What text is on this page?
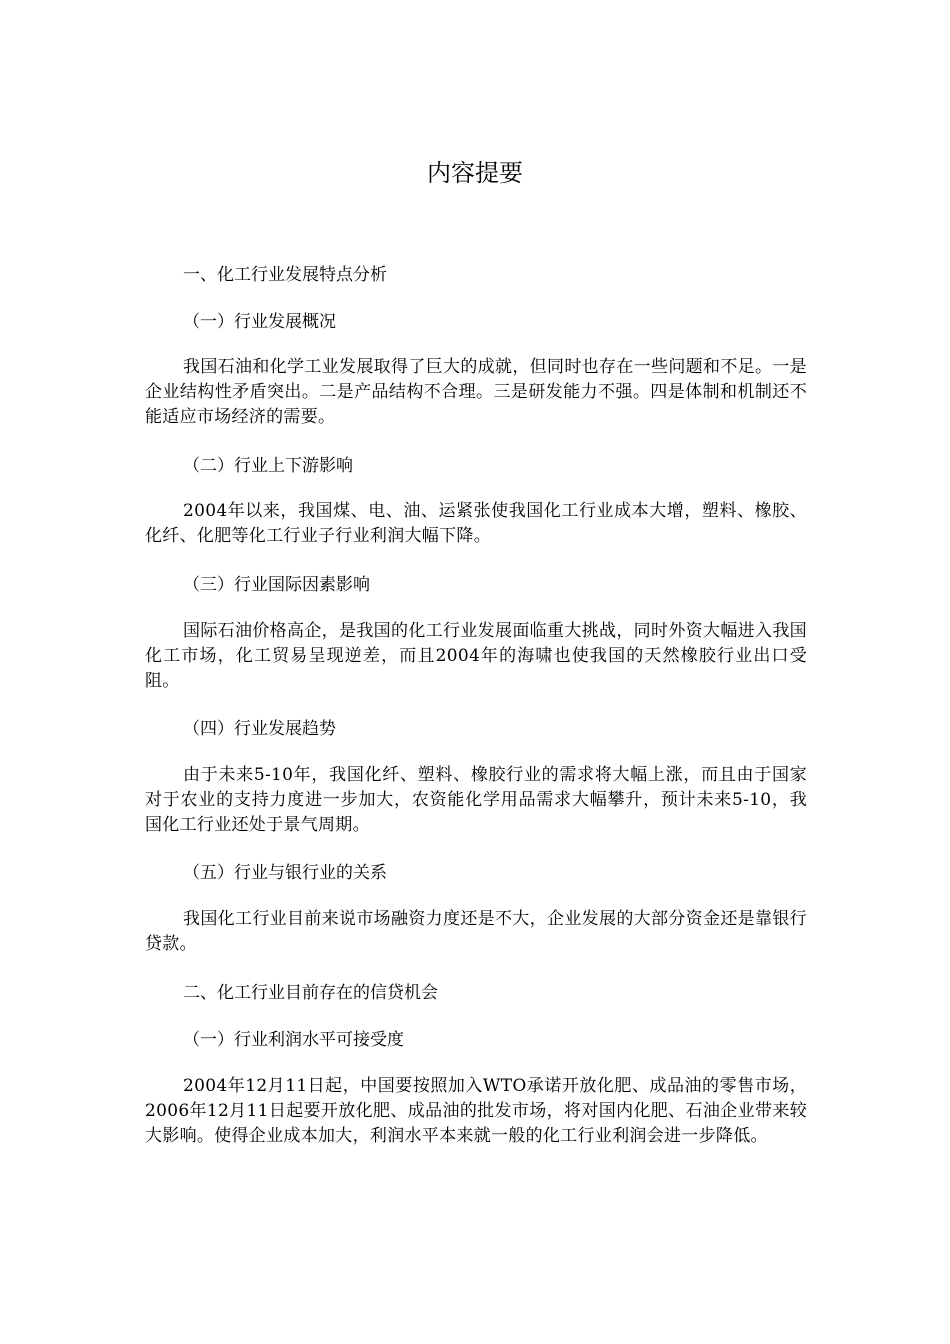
内容提要
一、化工行业发展特点分析
（一）行业发展概况
我国石油和化学工业发展取得了巨大的成就，但同时也存在一些问题和不足。一是企业结构性矛盾突出。二是产品结构不合理。三是研发能力不强。四是体制和机制还不能适应市场经济的需要。
（二）行业上下游影响
2004年以来，我国煤、电、油、运紧张使我国化工行业成本大增，塑料、橡胶、化纤、化肥等化工行业子行业利润大幅下降。
（三）行业国际因素影响
国际石油价格高企，是我国的化工行业发展面临重大挑战，同时外资大幅进入我国化工市场，化工贸易呈现逆差，而且2004年的海啸也使我国的天然橡胶行业出口受阻。
（四）行业发展趋势
由于未来5-10年，我国化纤、塑料、橡胶行业的需求将大幅上涨，而且由于国家对于农业的支持力度进一步加大，农资能化学用品需求大幅攀升，预计未来5-10，我国化工行业还处于景气周期。
（五）行业与银行业的关系
我国化工行业目前来说市场融资力度还是不大，企业发展的大部分资金还是靠银行贷款。
二、化工行业目前存在的信贷机会
（一）行业利润水平可接受度
2004年12月11日起，中国要按照加入WTO承诺开放化肥、成品油的零售市场，2006年12月11日起要开放化肥、成品油的批发市场，将对国内化肥、石油企业带来较大影响。使得企业成本加大，利润水平本来就一般的化工行业利润会进一步降低。
